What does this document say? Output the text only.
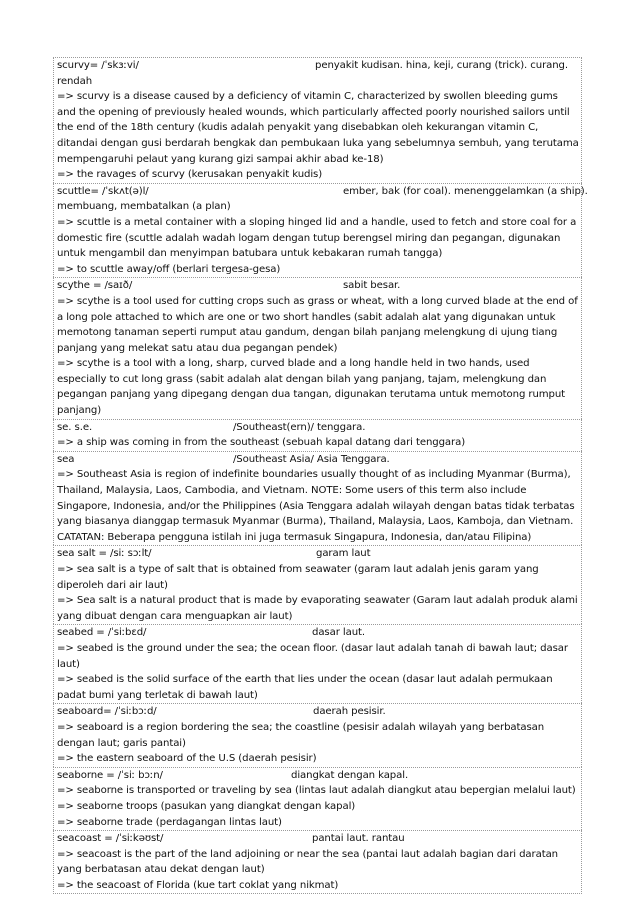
scurvy= /ˈskɜːvi/	penyakit kudisan. hina, keji, curang (trick). curang.
rendah
=> scurvy is a disease caused by a deficiency of vitamin C, characterized by swollen bleeding gums and the opening of previously healed wounds, which particularly affected poorly nourished sailors until the end of the 18th century (kudis adalah penyakit yang disebabkan oleh kekurangan vitamin C, ditandai dengan gusi berdarah bengkak dan pembukaan luka yang sebelumnya sembuh, yang terutama mempengaruhi pelaut yang kurang gizi sampai akhir abad ke-18)
=> the ravages of scurvy (kerusakan penyakit kudis)
scuttle= /ˈskʌt(ə)l/	ember, bak (for coal). menenggelamkan (a ship).
membuang, membatalkan (a plan)
=> scuttle is a metal container with a sloping hinged lid and a handle, used to fetch and store coal for a domestic fire (scuttle adalah wadah logam dengan tutup berengsel miring dan pegangan, digunakan untuk mengambil dan menyimpan batubara untuk kebakaran rumah tangga)
=> to scuttle away/off (berlari tergesa-gesa)
scythe = /saɪð/	sabit besar.
=> scythe is a tool used for cutting crops such as grass or wheat, with a long curved blade at the end of a long pole attached to which are one or two short handles (sabit adalah alat yang digunakan untuk memotong tanaman seperti rumput atau gandum, dengan bilah panjang melengkung di ujung tiang panjang yang melekat satu atau dua pegangan pendek)
=> scythe is a tool with a long, sharp, curved blade and a long handle held in two hands, used especially to cut long grass (sabit adalah alat dengan bilah yang panjang, tajam, melengkung dan pegangan panjang yang dipegang dengan dua tangan, digunakan terutama untuk memotong rumput panjang)
se. s.e.	/Southeast(ern)/ tenggara.
=> a ship was coming in from the southeast (sebuah kapal datang dari tenggara)
sea	/Southeast Asia/ Asia Tenggara.
=> Southeast Asia is region of indefinite boundaries usually thought of as including Myanmar (Burma), Thailand, Malaysia, Laos, Cambodia, and Vietnam. NOTE: Some users of this term also include Singapore, Indonesia, and/or the Philippines (Asia Tenggara adalah wilayah dengan batas tidak terbatas yang biasanya dianggap termasuk Myanmar (Burma), Thailand, Malaysia, Laos, Kamboja, dan Vietnam. CATATAN: Beberapa pengguna istilah ini juga termasuk Singapura, Indonesia, dan/atau Filipina)
sea salt = /siː sɔːlt/	garam laut
=> sea salt is a type of salt that is obtained from seawater (garam laut adalah jenis garam yang diperoleh dari air laut)
=> Sea salt is a natural product that is made by evaporating seawater (Garam laut adalah produk alami yang dibuat dengan cara menguapkan air laut)
seabed = /ˈsiːbɛd/	dasar laut.
=> seabed is the ground under the sea; the ocean floor. (dasar laut adalah tanah di bawah laut; dasar laut)
=> seabed is the solid surface of the earth that lies under the ocean (dasar laut adalah permukaan padat bumi yang terletak di bawah laut)
seaboard= /ˈsiːbɔːd/	daerah pesisir.
=> seaboard is a region bordering the sea; the coastline (pesisir adalah wilayah yang berbatasan dengan laut; garis pantai)
=> the eastern seaboard of the U.S (daerah pesisir)
seaborne = /ˈsiː bɔːn/	diangkat dengan kapal.
=> seaborne is transported or traveling by sea (lintas laut adalah diangkut atau bepergian melalui laut)
=> seaborne troops (pasukan yang diangkat dengan kapal)
=> seaborne trade (perdagangan lintas laut)
seacoast = /ˈsiːkəʊst/	pantai laut. rantau
=> seacoast is the part of the land adjoining or near the sea (pantai laut adalah bagian dari daratan yang berbatasan atau dekat dengan laut)
=> the seacoast of Florida (kue tart coklat yang nikmat)
